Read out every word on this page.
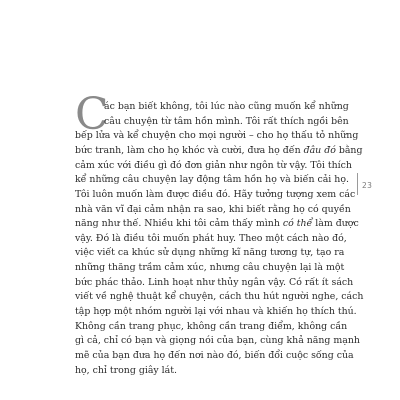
C
ác bạn biết không, tôi lúc nào cũng muốn kể những
câu chuyện từ tâm hồn mình. Tôi rất thích ngồi bên
bếp lửa và kể chuyện cho mọi người – cho họ thấu tỏ những
bức tranh, làm cho họ khóc và cười, đưa họ đến đâu đó bằng
cảm xúc với điều gì đó đơn giản như ngôn từ vậy. Tôi thích
kể những câu chuyện lay động tâm hồn họ và biến cải họ.
Tôi luôn muốn làm được điều đó. Hãy tưởng tượng xem các
nhà văn vĩ đại cảm nhận ra sao, khi biết rằng họ có quyền
năng như thế. Nhiều khi tôi cảm thấy mình có thể làm được
vậy. Đó là điều tôi muốn phát huy. Theo một cách nào đó,
việc viết ca khúc sử dụng những kĩ năng tương tự, tạo ra
những thăng trầm cảm xúc, nhưng câu chuyện lại là một
bức phác thảo. Linh hoạt như thủy ngân vậy. Có rất ít sách
viết về nghệ thuật kể chuyện, cách thu hút người nghe, cách
tập hợp một nhóm người lại với nhau và khiến họ thích thú.
Không cần trang phục, không cần trang điểm, không cần
gì cả, chỉ có bạn và giọng nói của bạn, cùng khả năng mạnh
mẽ của bạn đưa họ đến nơi nào đó, biến đổi cuộc sống của
họ, chỉ trong giây lát.
23
